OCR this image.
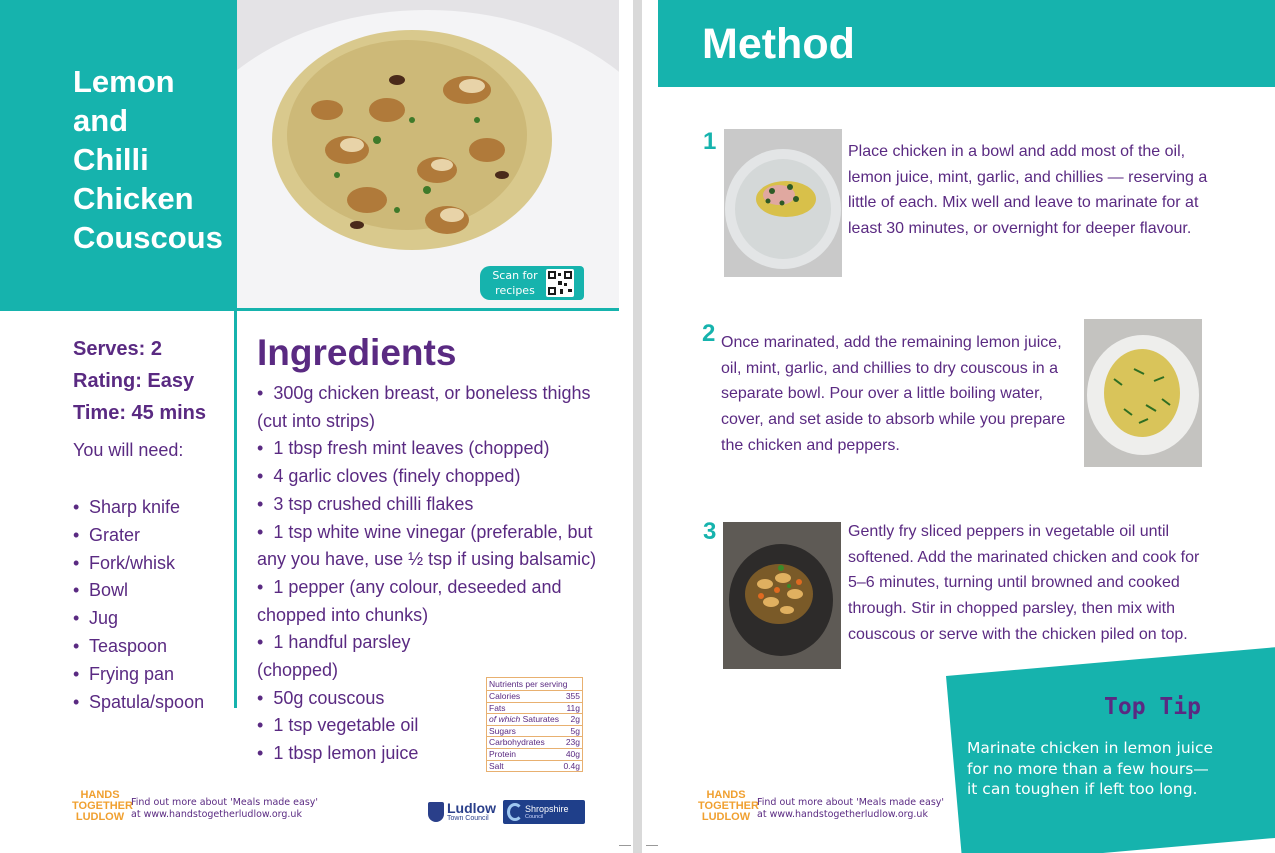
Lemon
and
Chilli
Chicken
Couscous
Scan for
recipes
Serves: 2
Rating: Easy
Time: 45 mins
You will need:
• Sharp knife
• Grater
• Fork/whisk
• Bowl
• Jug
• Teaspoon
• Frying pan
• Spatula/spoon
Ingredients
• 300g chicken breast, or boneless thighs (cut into strips)
• 1 tbsp fresh mint leaves (chopped)
• 4 garlic cloves (finely chopped)
• 3 tsp crushed chilli flakes
• 1 tsp white wine vinegar (preferable, but any you have, use ½ tsp if using balsamic)
• 1 pepper (any colour, deseeded and chopped into chunks)
• 1 handful parsley (chopped)
• 50g couscous
• 1 tsp vegetable oil
• 1 tbsp lemon juice
Nutrients per serving
Calories	355
Fats	11g
of which Saturates 2g
Sugars	5g
Carbohydrates 23g
Protein	40g
Salt	0.4g
HANDS
TOGETHER
LUDLOW
Find out more about 'Meals made easy'
at www.handstogetherludlow.org.uk	Ludlow
Town Council
Shropshire
Council
Method
1	Place chicken in a bowl and add most of the oil, lemon juice, mint, garlic, and chillies — reserving a little of each. Mix well and leave to marinate for at least 30 minutes, or overnight for deeper flavour.
2 Once marinated, add the remaining lemon juice, oil, mint, garlic, and chillies to dry couscous in a separate bowl. Pour over a little boiling water, cover, and set aside to absorb while you prepare the chicken and peppers.
3	Gently fry sliced peppers in vegetable oil until softened. Add the marinated chicken and cook for 5–6 minutes, turning until browned and cooked through. Stir in chopped parsley, then mix with couscous or serve with the chicken piled on top.
HANDS
TOGETHER
LUDLOW
Find out more about 'Meals made easy'
at www.handstogetherludlow.org.uk
Top Tip
Marinate chicken in lemon juice for no more than a few hours—it can toughen if left too long.
